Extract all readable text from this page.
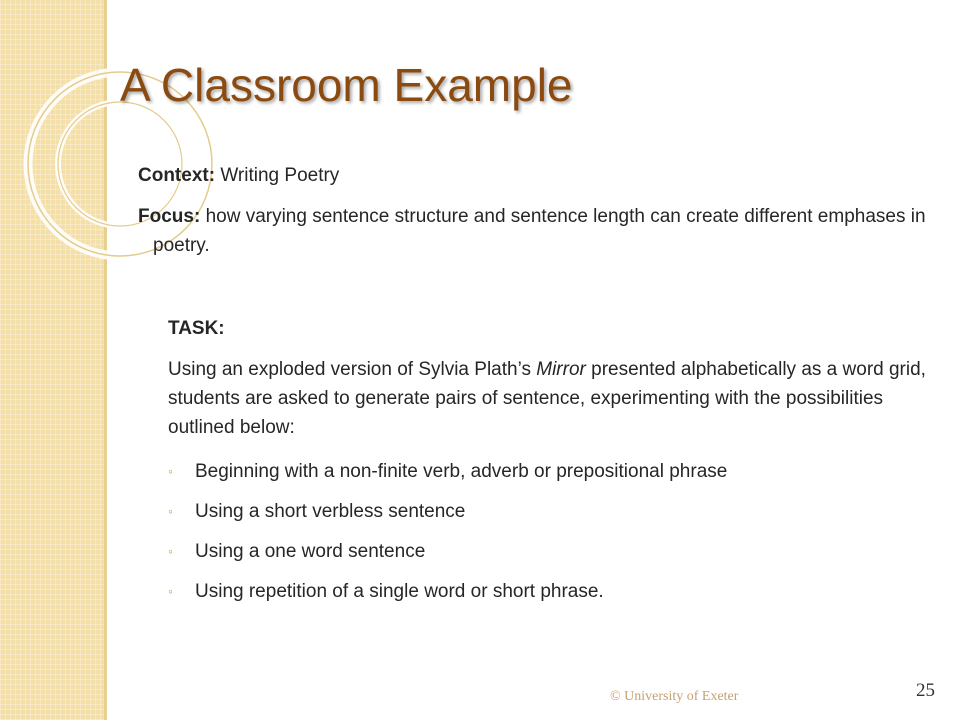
A Classroom Example

Context: Writing Poetry

Focus: how varying sentence structure and sentence length can create different emphases in poetry.

TASK:

Using an exploded version of Sylvia Plath’s Mirror presented alphabetically as a word grid, students are asked to generate pairs of sentence, experimenting with the possibilities outlined below:

◦ Beginning with a non-finite verb, adverb or prepositional phrase

◦ Using a short verbless sentence

◦ Using a one word sentence

◦ Using repetition of a single word or short phrase.

© University of Exeter	25
